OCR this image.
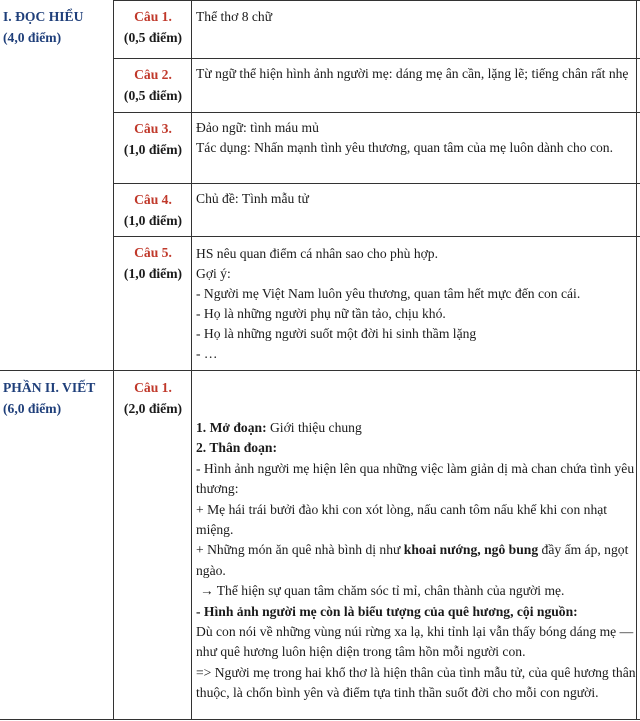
I. ĐỌC HIỂU
(4,0 điểm)
Câu 1.
(0,5 điểm)

Thể thơ 8 chữ

Câu 2.
(0,5 điểm)

Từ ngữ thể hiện hình ảnh người mẹ: dáng mẹ ân cần, lặng lẽ; tiếng chân rất nhẹ

Câu 3.
(1,0 điểm)

Đảo ngữ: tình máu mủ

Tác dụng: Nhấn mạnh tình yêu thương, quan tâm của mẹ luôn dành cho con.

Câu 4.
(1,0 điểm)

Chủ đề: Tình mẫu tử

Câu 5.
(1,0 điểm)

HS nêu quan điểm cá nhân sao cho phù hợp.

Gợi ý:

- Người mẹ Việt Nam luôn yêu thương, quan tâm hết mực đến con cái.

- Họ là những người phụ nữ tần tảo, chịu khó.

- Họ là những người suốt một đời hi sinh thầm lặng

- …

PHẦN II. VIẾT
(6,0 điểm)
Câu 1.
(2,0 điểm)

1. Mở đoạn: Giới thiệu chung

2. Thân đoạn:

- Hình ảnh người mẹ hiện lên qua những việc làm giản dị mà chan chứa tình yêu thương:

+ Mẹ hái trái bưởi đào khi con xót lòng, nấu canh tôm nấu khế khi con nhạt miệng.

+ Những món ăn quê nhà bình dị như khoai nướng, ngô bung đầy ấm áp, ngọt ngào.

→ Thể hiện sự quan tâm chăm sóc tỉ mỉ, chân thành của người mẹ.

- Hình ảnh người mẹ còn là biểu tượng của quê hương, cội nguồn:

Dù con nói về những vùng núi rừng xa lạ, khi tỉnh lại vẫn thấy bóng dáng mẹ — như quê hương luôn hiện diện trong tâm hồn mỗi người con.

=> Người mẹ trong hai khổ thơ là hiện thân của tình mẫu tử, của quê hương thân thuộc, là chốn bình yên và điểm tựa tinh thần suốt đời cho mỗi con người.
